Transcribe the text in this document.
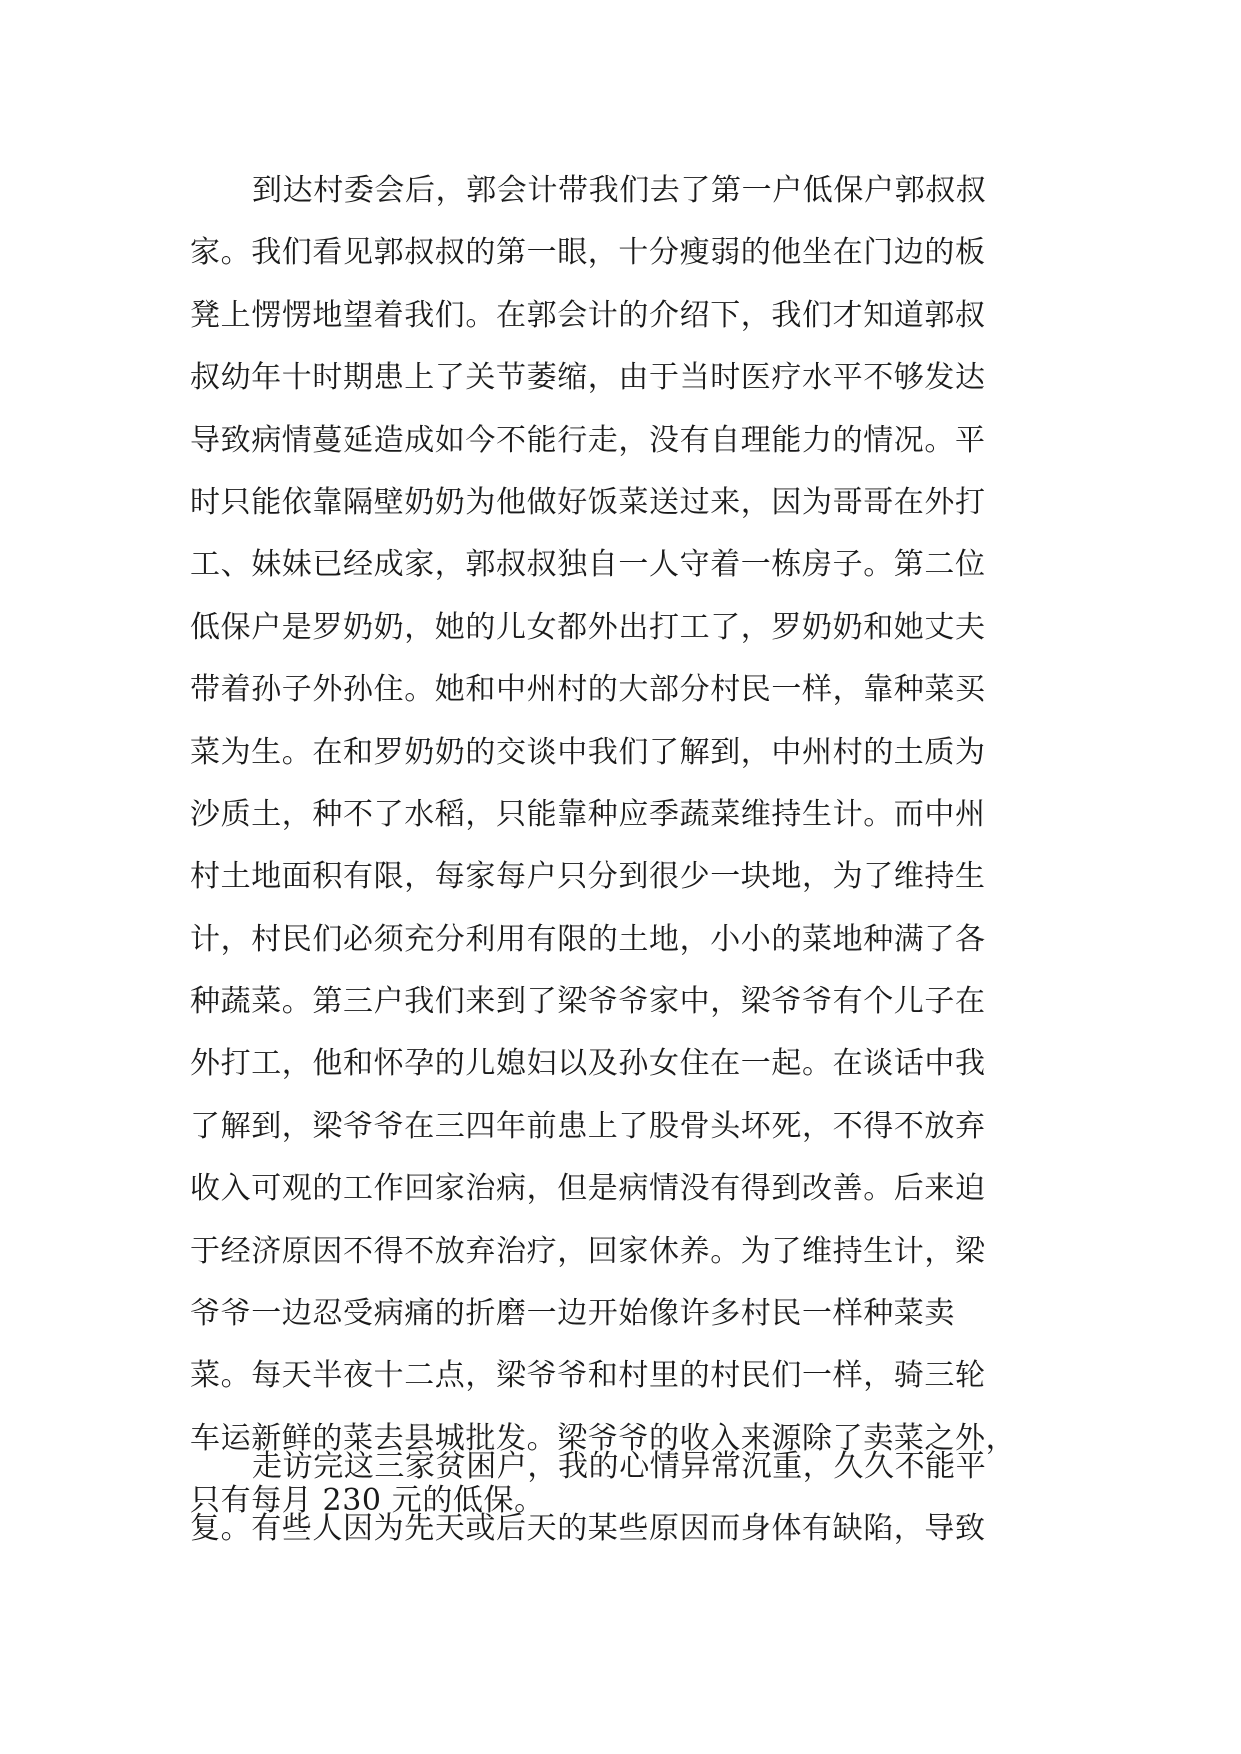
到达村委会后，郭会计带我们去了第一户低保户郭叔叔
家。我们看见郭叔叔的第一眼，十分瘦弱的他坐在门边的板
凳上愣愣地望着我们。在郭会计的介绍下，我们才知道郭叔
叔幼年十时期患上了关节萎缩，由于当时医疗水平不够发达
导致病情蔓延造成如今不能行走，没有自理能力的情况。平
时只能依靠隔壁奶奶为他做好饭菜送过来，因为哥哥在外打
工、妹妹已经成家，郭叔叔独自一人守着一栋房子。第二位
低保户是罗奶奶，她的儿女都外出打工了，罗奶奶和她丈夫
带着孙子外孙住。她和中州村的大部分村民一样，靠种菜买
菜为生。在和罗奶奶的交谈中我们了解到，中州村的土质为
沙质土，种不了水稻，只能靠种应季蔬菜维持生计。而中州
村土地面积有限，每家每户只分到很少一块地，为了维持生
计，村民们必须充分利用有限的土地，小小的菜地种满了各
种蔬菜。第三户我们来到了梁爷爷家中，梁爷爷有个儿子在
外打工，他和怀孕的儿媳妇以及孙女住在一起。在谈话中我
了解到，梁爷爷在三四年前患上了股骨头坏死，不得不放弃
收入可观的工作回家治病，但是病情没有得到改善。后来迫
于经济原因不得不放弃治疗，回家休养。为了维持生计，梁
爷爷一边忍受病痛的折磨一边开始像许多村民一样种菜卖
菜。每天半夜十二点，梁爷爷和村里的村民们一样，骑三轮
车运新鲜的菜去县城批发。梁爷爷的收入来源除了卖菜之外，
只有每月 230 元的低保。
走访完这三家贫困户，我的心情异常沉重，久久不能平
复。有些人因为先天或后天的某些原因而身体有缺陷，导致
